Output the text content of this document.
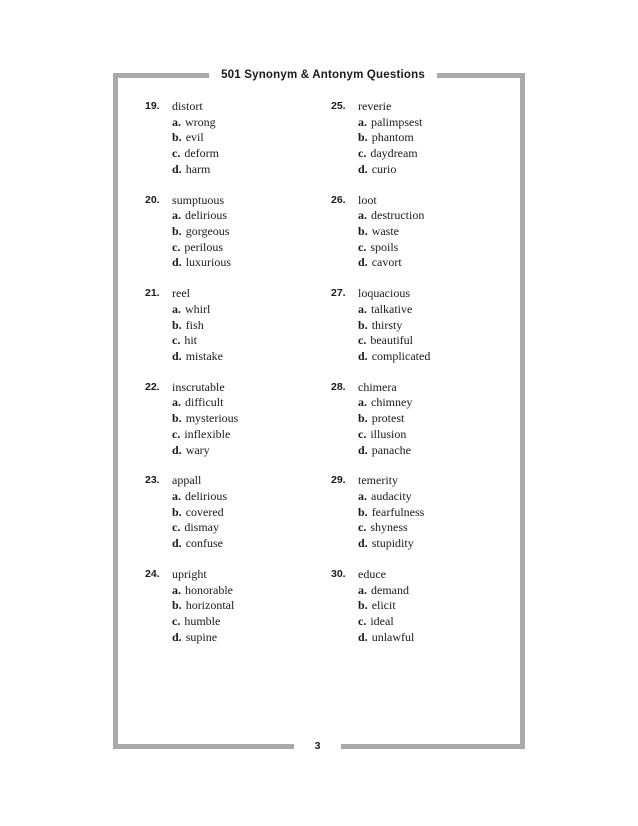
501 Synonym & Antonym Questions
19. distort
a. wrong
b. evil
c. deform
d. harm
20. sumptuous
a. delirious
b. gorgeous
c. perilous
d. luxurious
21. reel
a. whirl
b. fish
c. hit
d. mistake
22. inscrutable
a. difficult
b. mysterious
c. inflexible
d. wary
23. appall
a. delirious
b. covered
c. dismay
d. confuse
24. upright
a. honorable
b. horizontal
c. humble
d. supine
25. reverie
a. palimpsest
b. phantom
c. daydream
d. curio
26. loot
a. destruction
b. waste
c. spoils
d. cavort
27. loquacious
a. talkative
b. thirsty
c. beautiful
d. complicated
28. chimera
a. chimney
b. protest
c. illusion
d. panache
29. temerity
a. audacity
b. fearfulness
c. shyness
d. stupidity
30. educe
a. demand
b. elicit
c. ideal
d. unlawful
3
